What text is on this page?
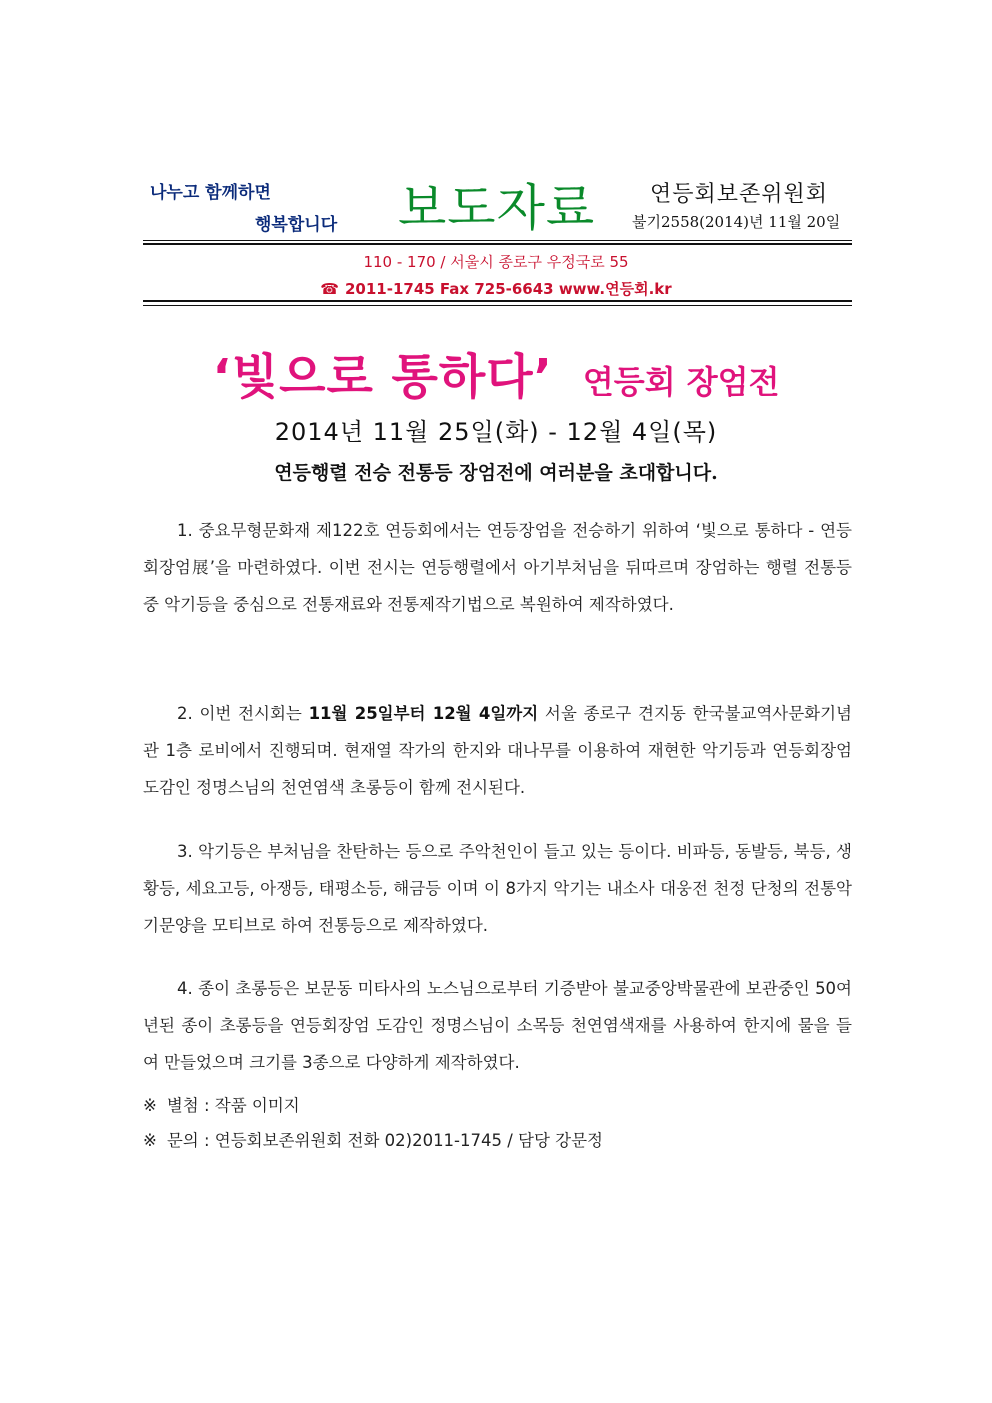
나누고 함께하면
행복합니다 보도자료 연등회보존위원회
불기2558(2014)년 11월 20일
110 - 170 / 서울시 종로구 우정국로 55
☎ 2011-1745 Fax 725-6643 www.연등회.kr
‘빛으로 통하다’ 연등회 장엄전
2014년 11월 25일(화) - 12월 4일(목)
연등행렬 전승 전통등 장엄전에 여러분을 초대합니다.
1. 중요무형문화재 제122호 연등회에서는 연등장엄을 전승하기 위하여 ‘빛으로 통하다 - 연등회장엄展’을 마련하였다. 이번 전시는 연등행렬에서 아기부처님을 뒤따르며 장엄하는 행렬 전통등 중 악기등을 중심으로 전통재료와 전통제작기법으로 복원하여 제작하였다.
2. 이번 전시회는 11월 25일부터 12월 4일까지 서울 종로구 견지동 한국불교역사문화기념관 1층 로비에서 진행되며. 현재열 작가의 한지와 대나무를 이용하여 재현한 악기등과 연등회장엄 도감인 정명스님의 천연염색 초롱등이 함께 전시된다.
3. 악기등은 부처님을 찬탄하는 등으로 주악천인이 들고 있는 등이다. 비파등, 동발등, 북등, 생황등, 세요고등, 아쟁등, 태평소등, 해금등 이며 이 8가지 악기는 내소사 대웅전 천정 단청의 전통악기문양을 모티브로 하여 전통등으로 제작하였다.
4. 종이 초롱등은 보문동 미타사의 노스님으로부터 기증받아 불교중앙박물관에 보관중인 50여년된 종이 초롱등을 연등회장엄 도감인 정명스님이 소목등 천연염색재를 사용하여 한지에 물을 들여 만들었으며 크기를 3종으로 다양하게 제작하였다.
※ 별첨 : 작품 이미지
※ 문의 : 연등회보존위원회 전화 02)2011-1745 / 담당 강문정
